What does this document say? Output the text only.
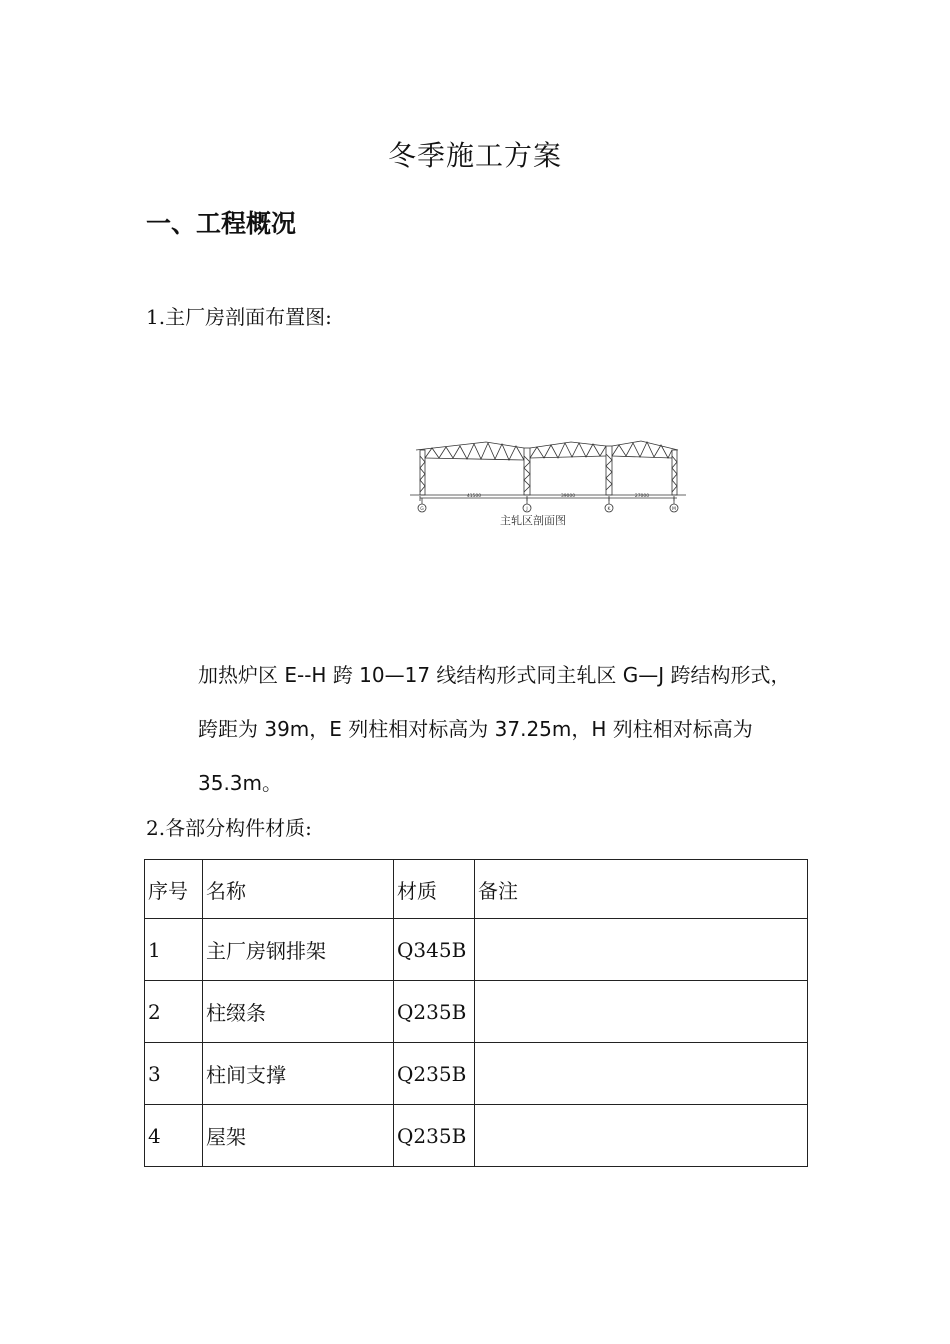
冬季施工方案
一、工程概况
1.主厂房剖面布置图:
G	J	K	M
41500	39000	27000
主轧区剖面图
加热炉区 E--H 跨 10—17 线结构形式同主轧区 G—J 跨结构形式，
跨距为 39m，E 列柱相对标高为 37.25m，H 列柱相对标高为
35.3m。
2.各部分构件材质:
序号	名称	材质	备注
1	主厂房钢排架	Q345B	
2	柱缀条	Q235B	
3	柱间支撑	Q235B	
4	屋架	Q235B	
